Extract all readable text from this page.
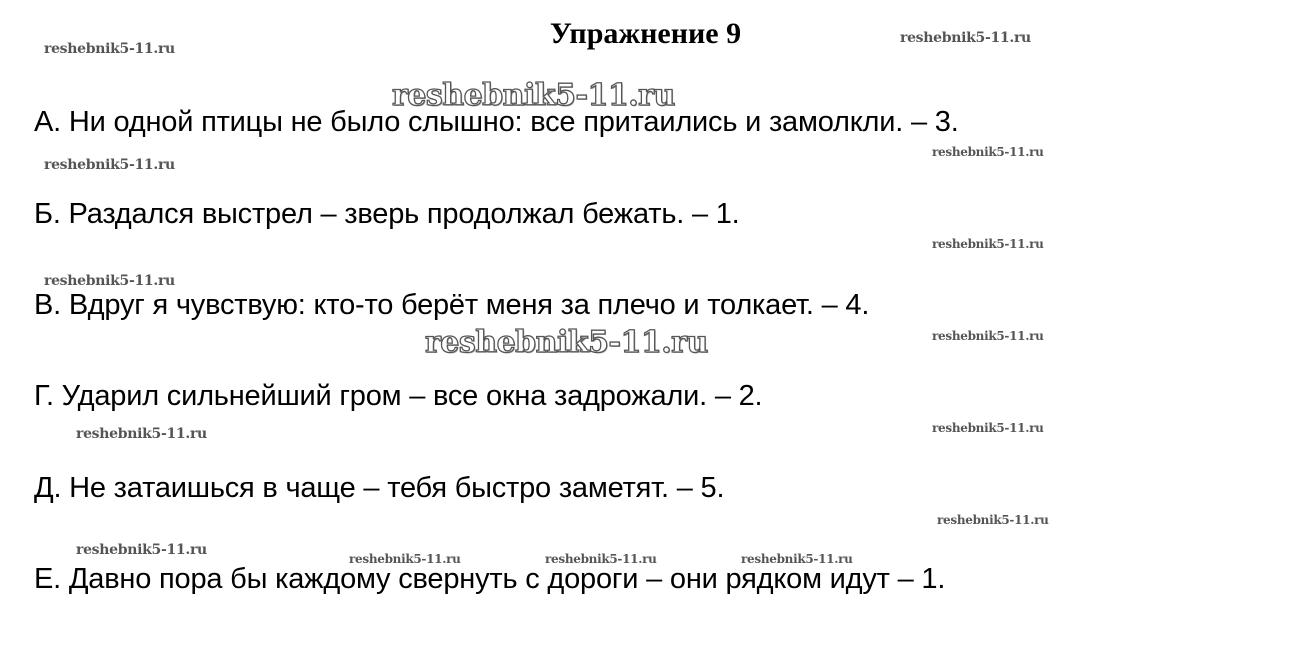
Упражнение 9
А. Ни одной птицы не было слышно: все притаились и замолкли. – 3.
Б. Раздался выстрел – зверь продолжал бежать. – 1.
В. Вдруг я чувствую: кто-то берёт меня за плечо и толкает. – 4.
Г. Ударил сильнейший гром – все окна задрожали. – 2.
Д. Не затаишься в чаще – тебя быстро заметят. – 5.
Е. Давно пора бы каждому свернуть с дороги – они рядком идут – 1.
reshebnik5-11.ru
reshebnik5-11.ru
reshebnik5-11.ru
reshebnik5-11.ru
reshebnik5-11.ru
reshebnik5-11.ru
reshebnik5-11.ru
reshebnik5-11.ru
reshebnik5-11.ru
reshebnik5-11.ru
reshebnik5-11.ru
reshebnik5-11.ru
reshebnik5-11.ru
reshebnik5-11.ru	reshebnik5-11.ru	reshebnik5-11.ru
